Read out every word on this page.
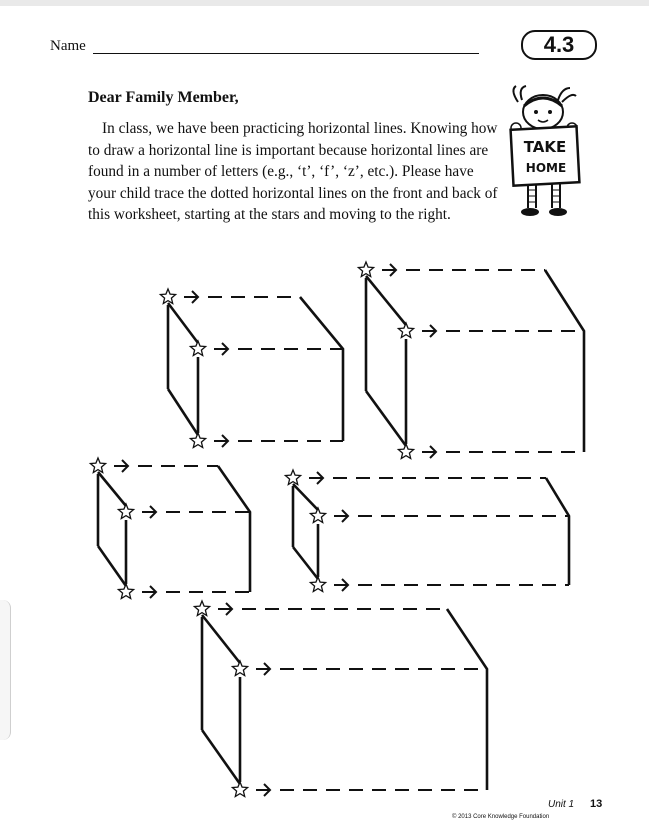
Name	4.3
Dear Family Member,

In class, we have been practicing horizontal lines. Knowing how to draw a horizontal line is important because horizontal lines are found in a number of letters (e.g., ‘t’, ‘f’, ‘z’, etc.). Please have your child trace the dotted horizontal lines on the front and back of this worksheet, starting at the stars and moving to the right.

TAKE
HOME
Unit 1 13
© 2013 Core Knowledge Foundation
